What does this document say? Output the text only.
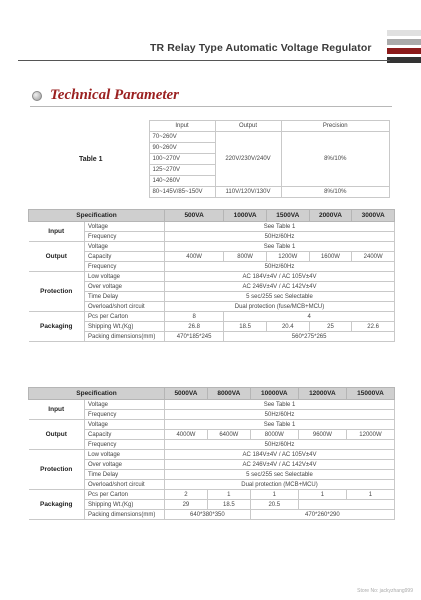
TR Relay Type Automatic Voltage Regulator
Technical Parameter
Table 1	Input	Output	Precision
	70~260V	220V/230V/240V	8%/10%
	90~260V		
	100~270V		
	125~270V		
	140~260V		
	80~145V/85~150V	110V/120V/130V	8%/10%
Specification		500VA	1000VA	1500VA	2000VA	3000VA
Input	Voltage	See Table 1				
	Frequency	50Hz/60Hz				
Output	Voltage	See Table 1				
	Capacity	400W	800W	1200W	1600W	2400W
	Frequency	50Hz/60Hz				
Protection	Low voltage	AC 184V±4V / AC 105V±4V				
	Over voltage	AC 246V±4V / AC 142V±4V				
	Time Delay	5 sec/255 sec Selectable				
	Overload/short circuit	Dual protection (fuse/MCB+MCU)				
Packaging	Pcs per Carton	8	4			
	Shipping Wt.(Kg)	26.8	18.5	20.4	25	22.6
	Packing dimensions(mm)	470*185*245	560*275*265			
Specification		5000VA	8000VA	10000VA	12000VA	15000VA
Input	Voltage	See Table 1				
	Frequency	50Hz/60Hz				
Output	Voltage	See Table 1				
	Capacity	4000W	6400W	8000W	9600W	12000W
	Frequency	50Hz/60Hz				
Protection	Low voltage	AC 184V±4V / AC 105V±4V				
	Over voltage	AC 246V±4V / AC 142V±4V				
	Time Delay	5 sec/255 sec Selectable				
	Overload/short circuit	Dual protection (MCB+MCU)				
Packaging	Pcs per Carton	2	1	1	1	1
	Shipping Wt.(Kg)	29	18.5	20.5		
	Packing dimensions(mm)	640*380*350		470*260*290		
Store No: jackyzhang999
